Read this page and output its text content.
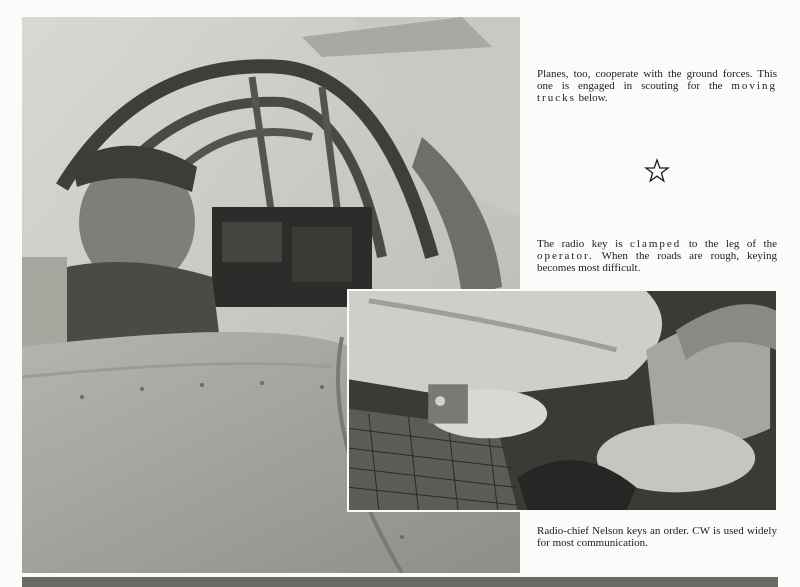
Planes, too, cooperate with the ground forces. This one is engaged in scouting for the moving trucks below.

The radio key is clamped to the leg of the operator. When the roads are rough, keying becomes most difficult.

Radio-chief Nelson keys an order. CW is used widely for most communication.
